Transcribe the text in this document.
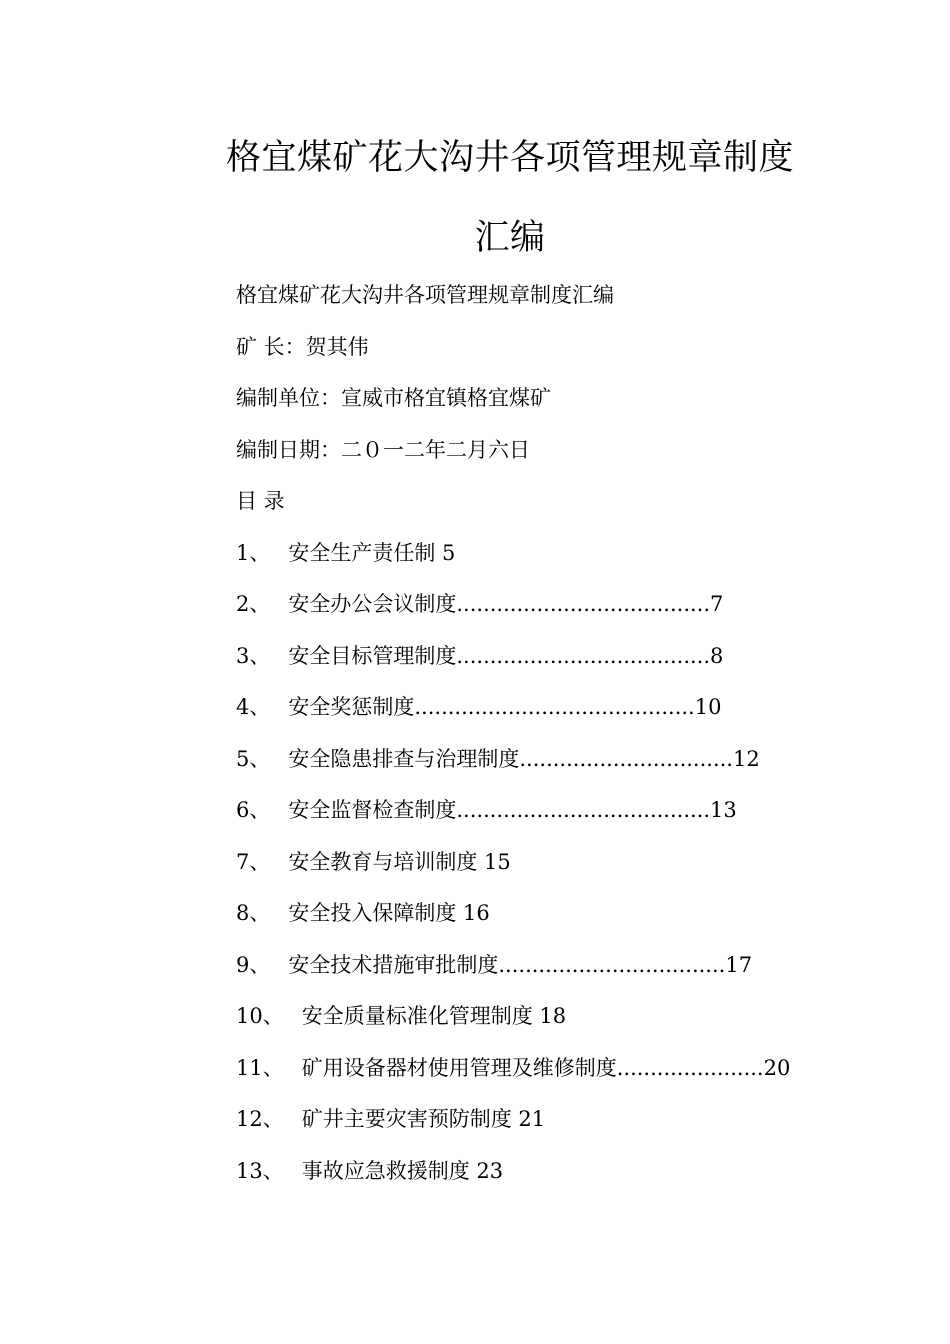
格宜煤矿花大沟井各项管理规章制度汇编
格宜煤矿花大沟井各项管理规章制度汇编
矿 长：贺其伟
编制单位：宣威市格宜镇格宜煤矿
编制日期：二０一二年二月六日
目 录
1、 安全生产责任制 5
2、 安全办公会议制度......................................7
3、 安全目标管理制度......................................8
4、 安全奖惩制度..........................................10
5、 安全隐患排查与治理制度................................12
6、 安全监督检查制度......................................13
7、 安全教育与培训制度 15
8、 安全投入保障制度 16
9、 安全技术措施审批制度..................................17
10、 安全质量标准化管理制度 18
11、 矿用设备器材使用管理及维修制度......................20
12、 矿井主要灾害预防制度 21
13、 事故应急救援制度 23
